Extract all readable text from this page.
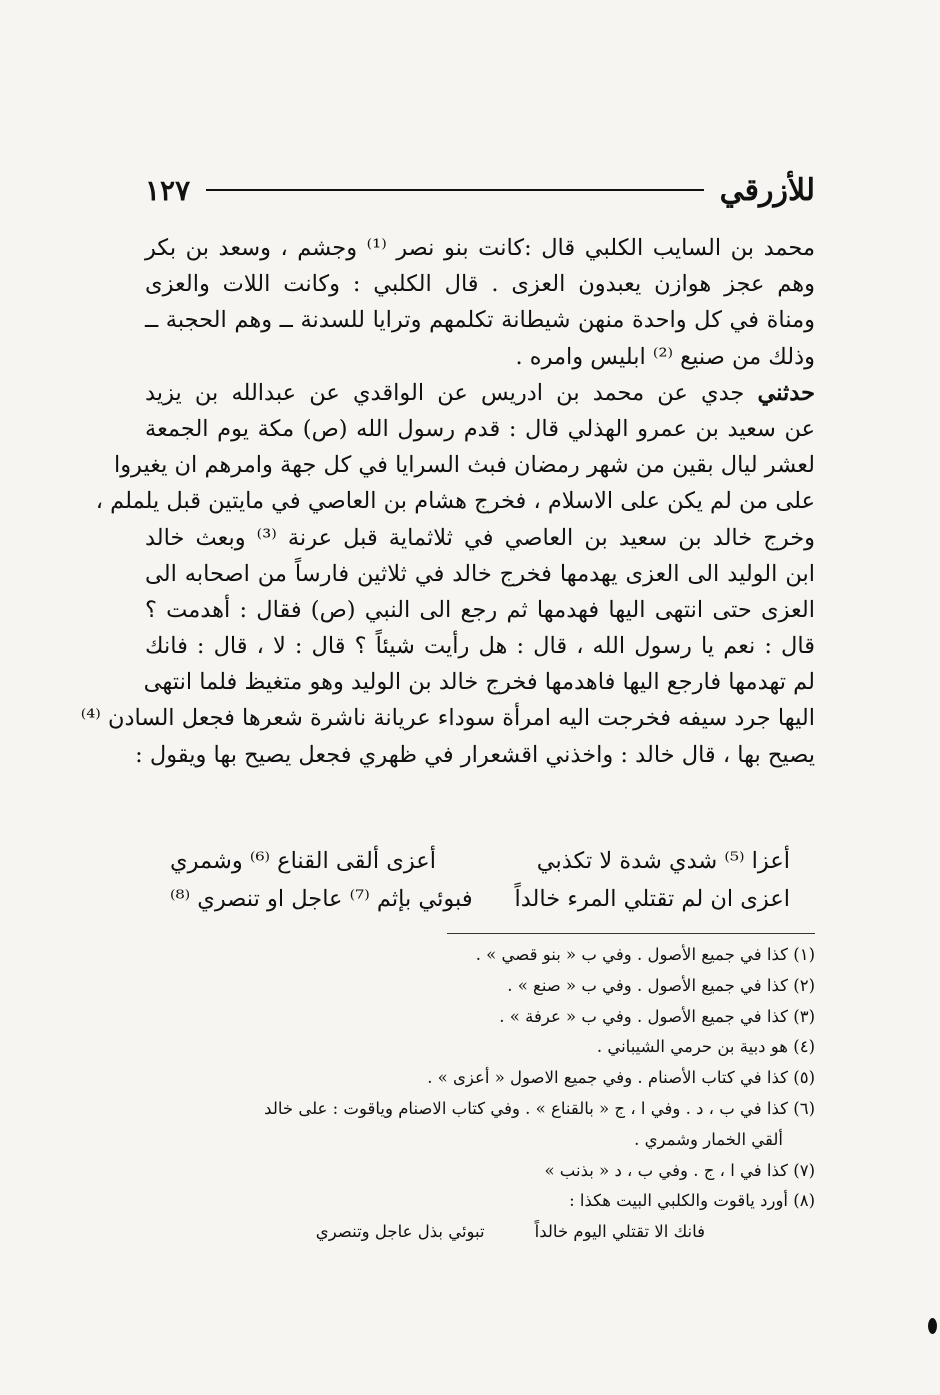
للأزرقي
١٢٧
محمد بن السايب الكلبي قال :كانت بنو نصر ⁽¹⁾ وجشم ، وسعد بن بكر
وهم عجز هوازن يعبدون العزى . قال الكلبي : وكانت اللات والعزى
ومناة في كل واحدة منهن شيطانة تكلمهم وترايا للسدنة ــ وهم الحجبة ــ
وذلك من صنيع ⁽²⁾ ابليس وامره .
حدثني جدي عن محمد بن ادريس عن الواقدي عن عبدالله بن يزيد
عن سعيد بن عمرو الهذلي قال : قدم رسول الله (ص) مكة يوم الجمعة
لعشر ليال بقين من شهر رمضان فبث السرايا في كل جهة وامرهم ان يغيروا
على من لم يكن على الاسلام ، فخرج هشام بن العاصي في مايتين قبل يلملم ،
وخرج خالد بن سعيد بن العاصي في ثلاثماية قبل عرنة ⁽³⁾ وبعث خالد
ابن الوليد الى العزى يهدمها فخرج خالد في ثلاثين فارساً من اصحابه الى
العزى حتى انتهى اليها فهدمها ثم رجع الى النبي (ص) فقال : أهدمت ؟
قال : نعم يا رسول الله ، قال : هل رأيت شيئاً ؟ قال : لا ، قال : فانك
لم تهدمها فارجع اليها فاهدمها فخرج خالد بن الوليد وهو متغيظ فلما انتهى
اليها جرد سيفه فخرجت اليه امرأة سوداء عريانة ناشرة شعرها فجعل السادن ⁽⁴⁾
يصيح بها ، قال خالد : واخذني اقشعرار في ظهري فجعل يصيح بها ويقول :
أعزا ⁽⁵⁾ شدي شدة لا تكذبي
أعزى ألقى القناع ⁽⁶⁾ وشمري
اعزى ان لم تقتلي المرء خالداً
فبوئي بإثم ⁽⁷⁾ عاجل او تنصري ⁽⁸⁾
(١) كذا في جميع الأصول . وفي ب « بنو قصي » .
(٢) كذا في جميع الأصول . وفي ب « صنع » .
(٣) كذا في جميع الأصول . وفي ب « عرفة » .
(٤) هو دبية بن حرمي الشيباني .
(٥) كذا في كتاب الأصنام . وفي جميع الاصول « أعزى » .
(٦) كذا في ب ، د . وفي ا ، ج « بالقناع » . وفي كتاب الاصنام وياقوت : على خالد
ألقي الخمار وشمري .
(٧) كذا في ا ، ج . وفي ب ، د « بذنب »
(٨) أورد ياقوت والكلبي البيت هكذا :
فانك الا تقتلي اليوم خالداً
تبوئي بذل عاجل وتنصري
